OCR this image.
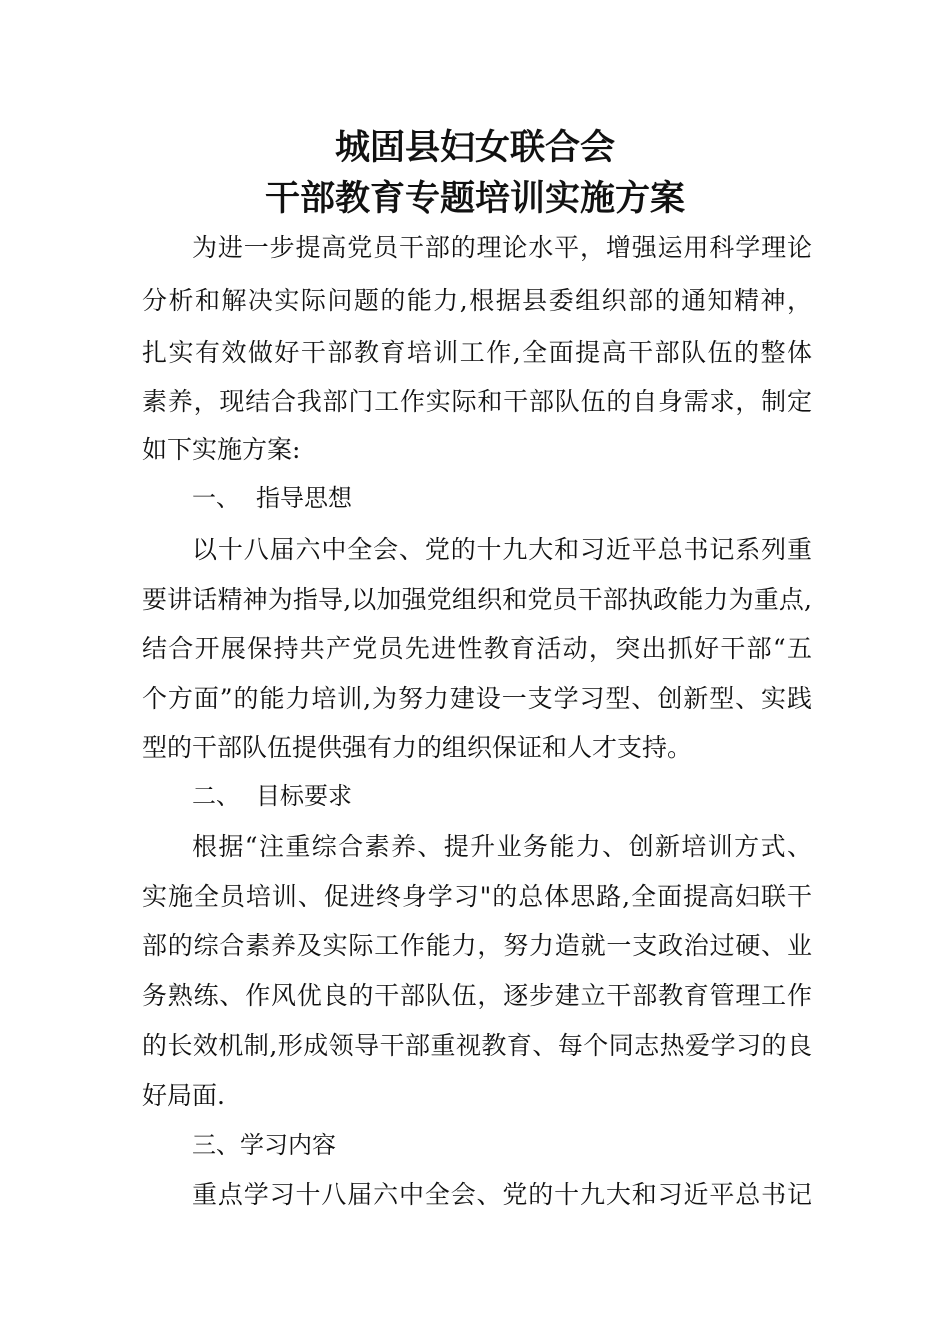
城固县妇女联合会
干部教育专题培训实施方案
为进一步提高党员干部的理论水平，增强运用科学理论
分析和解决实际问题的能力,根据县委组织部的通知精神，
扎实有效做好干部教育培训工作,全面提高干部队伍的整体
素养，现结合我部门工作实际和干部队伍的自身需求，制定
如下实施方案:
一、 指导思想
以十八届六中全会、党的十九大和习近平总书记系列重
要讲话精神为指导,以加强党组织和党员干部执政能力为重点,
结合开展保持共产党员先进性教育活动，突出抓好干部“五
个方面”的能力培训,为努力建设一支学习型、创新型、实践
型的干部队伍提供强有力的组织保证和人才支持。
二、 目标要求
根据“注重综合素养、提升业务能力、创新培训方式、
实施全员培训、促进终身学习"的总体思路,全面提高妇联干
部的综合素养及实际工作能力，努力造就一支政治过硬、业
务熟练、作风优良的干部队伍，逐步建立干部教育管理工作
的长效机制,形成领导干部重视教育、每个同志热爱学习的良
好局面.
三、学习内容
重点学习十八届六中全会、党的十九大和习近平总书记
